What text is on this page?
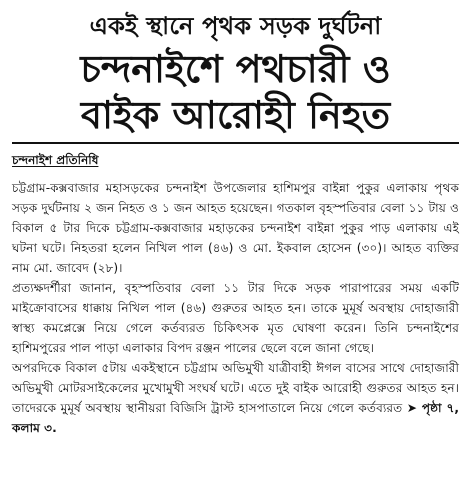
একই স্থানে পৃথক সড়ক দুর্ঘটনা
চন্দনাইশে পথচারী ও
বাইক আরোহী নিহত
চন্দনাইশ প্রতিনিধি

চট্টগ্রাম-কক্সবাজার মহাসড়কের চন্দনাইশ উপজেলার হাশিমপুর বাইন্না পুকুর এলাকায় পৃথক সড়ক দুর্ঘটনায় ২ জন নিহত ও ১ জন আহত হয়েছেন। গতকাল বৃহস্পতিবার বেলা ১১ টায় ও বিকাল ৫ টার দিকে চট্টগ্রাম-কক্সবাজার মহাড়কের চন্দনাইশ বাইন্না পুকুর পাড় এলাকায় এই ঘটনা ঘটে। নিহতরা হলেন নিখিল পাল (৪৬) ও মো. ইকবাল হোসেন (৩০)। আহত ব্যক্তির নাম মো. জাবেদ (২৮)।

প্রত্যক্ষদর্শীরা জানান, বৃহস্পতিবার বেলা ১১ টার দিকে সড়ক পারাপারের সময় একটি মাইক্রোবাসের ধাক্কায় নিখিল পাল (৪৬) গুরুতর আহত হন। তাকে মুমূর্ষ অবস্থায় দোহাজারী স্বাস্থ্য কমপ্লেক্সে নিয়ে গেলে কর্তব্যরত চিকিৎসক মৃত ঘোষণা করেন। তিনি চন্দনাইশের হাশিমপুরের পাল পাড়া এলাকার বিপদ রঞ্জন পালের ছেলে বলে জানা গেছে।

অপরদিকে বিকাল ৫টায় একইস্থানে চট্টগ্রাম অভিমুখী যাত্রীবাহী ঈগল বাসের সাথে দোহাজারী অভিমুখী মোটরসাইকেলের মুখোমুখী সংঘর্ষ ঘটে। এতে দুই বাইক আরোহী গুরুতর আহত হন। তাদেরকে মুমূর্ষ অবস্থায় স্থানীয়রা বিজিসি ট্রাস্ট হাসপাতালে নিয়ে গেলে কর্তব্যরত ➤ পৃষ্ঠা ৭, কলাম ৩.
